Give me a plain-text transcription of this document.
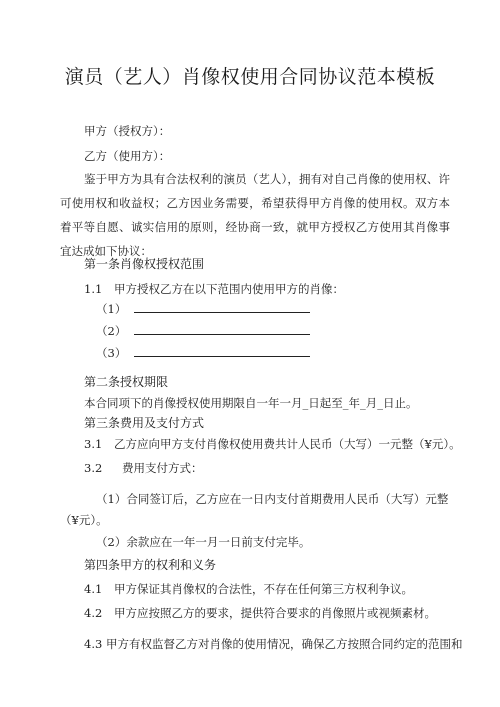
演员（艺人）肖像权使用合同协议范本模板
甲方（授权方）：
乙方（使用方）：
鉴于甲方为具有合法权利的演员（艺人），拥有对自己肖像的使用权、许可使用权和收益权；乙方因业务需要，希望获得甲方肖像的使用权。双方本着平等自愿、诚实信用的原则，经协商一致，就甲方授权乙方使用其肖像事宜达成如下协议：
第一条肖像权授权范围
1.1 甲方授权乙方在以下范围内使用甲方的肖像：
（1）
（2）
（3）
第二条授权期限
本合同项下的肖像授权使用期限自一年一月_日起至_年_月_日止。
第三条费用及支付方式
3.1 乙方应向甲方支付肖像权使用费共计人民币（大写）一元整（¥元）。
3.2 费用支付方式：
（1）合同签订后，乙方应在一日内支付首期费用人民币（大写）元整
（¥元）。
（2）余款应在一年一月一日前支付完毕。
第四条甲方的权利和义务
4.1 甲方保证其肖像权的合法性，不存在任何第三方权利争议。
4.2 甲方应按照乙方的要求，提供符合要求的肖像照片或视频素材。
4.3 甲方有权监督乙方对肖像的使用情况，确保乙方按照合同约定的范围和
